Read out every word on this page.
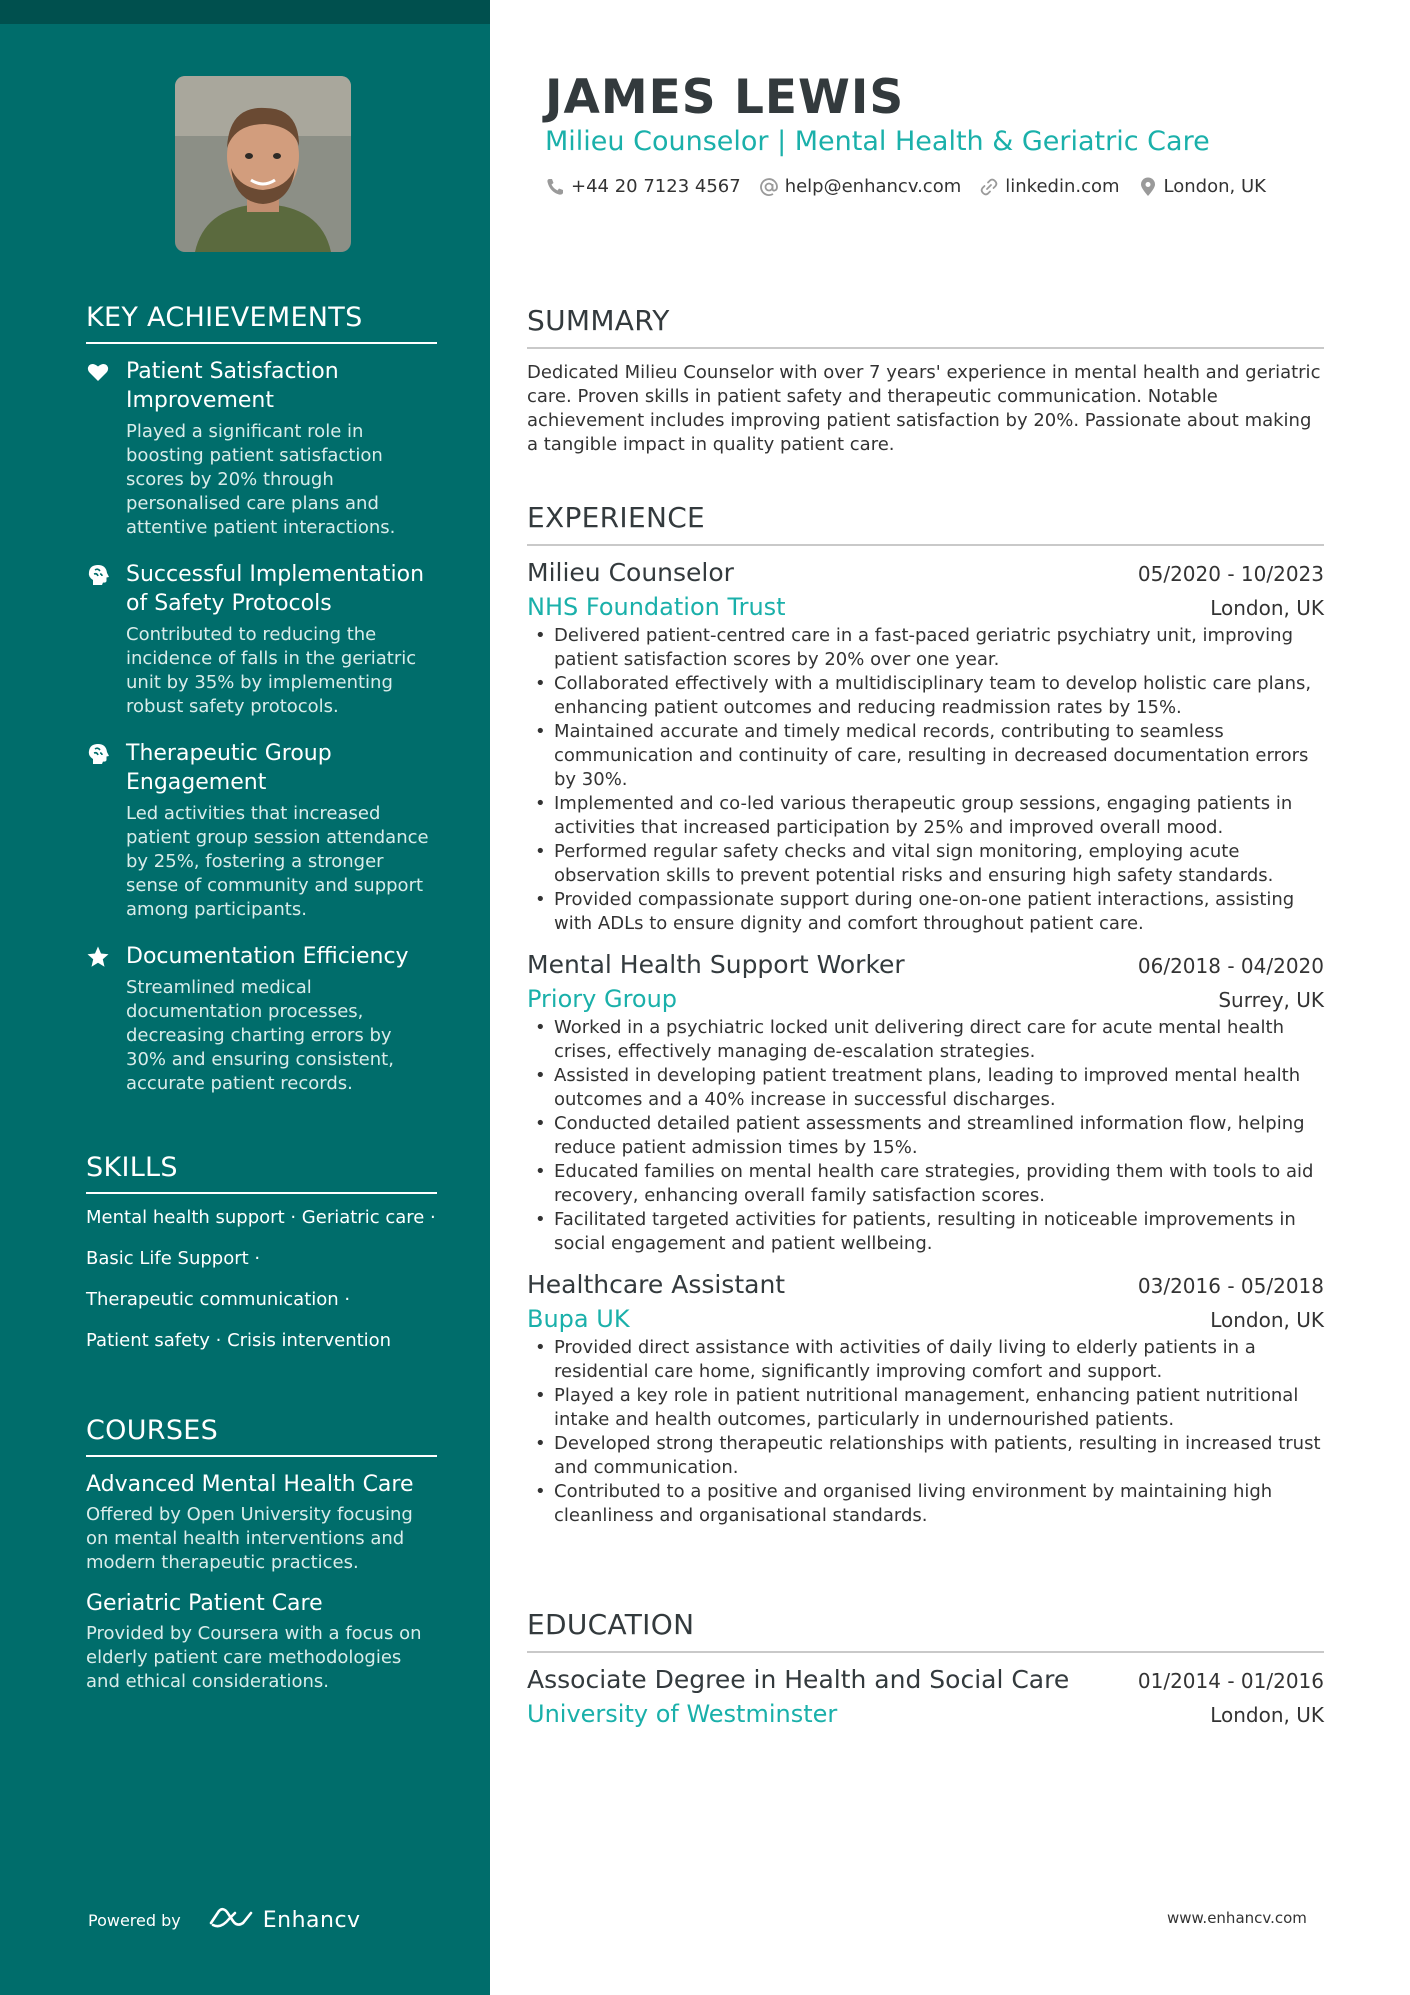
KEY ACHIEVEMENTS
Patient Satisfaction Improvement
Played a significant role in boosting patient satisfaction scores by 20% through personalised care plans and attentive patient interactions.
Successful Implementation of Safety Protocols
Contributed to reducing the incidence of falls in the geriatric unit by 35% by implementing robust safety protocols.
Therapeutic Group Engagement
Led activities that increased patient group session attendance by 25%, fostering a stronger sense of community and support among participants.
Documentation Efficiency
Streamlined medical documentation processes, decreasing charting errors by 30% and ensuring consistent, accurate patient records.
SKILLS
Mental health support · Geriatric care ·
Basic Life Support ·
Therapeutic communication ·
Patient safety · Crisis intervention
COURSES
Advanced Mental Health Care
Offered by Open University focusing on mental health interventions and modern therapeutic practices.
Geriatric Patient Care
Provided by Coursera with a focus on elderly patient care methodologies and ethical considerations.
Powered by	Enhancv
JAMES LEWIS
Milieu Counselor | Mental Health & Geriatric Care
+44 20 7123 4567 help@enhancv.com linkedin.com London, UK
SUMMARY
Dedicated Milieu Counselor with over 7 years' experience in mental health and geriatric care. Proven skills in patient safety and therapeutic communication. Notable achievement includes improving patient satisfaction by 20%. Passionate about making a tangible impact in quality patient care.
EXPERIENCE
Milieu Counselor	05/2020 - 10/2023
NHS Foundation Trust	London, UK
• Delivered patient-centred care in a fast-paced geriatric psychiatry unit, improving patient satisfaction scores by 20% over one year.
• Collaborated effectively with a multidisciplinary team to develop holistic care plans, enhancing patient outcomes and reducing readmission rates by 15%.
• Maintained accurate and timely medical records, contributing to seamless communication and continuity of care, resulting in decreased documentation errors by 30%.
• Implemented and co-led various therapeutic group sessions, engaging patients in activities that increased participation by 25% and improved overall mood.
• Performed regular safety checks and vital sign monitoring, employing acute observation skills to prevent potential risks and ensuring high safety standards.
• Provided compassionate support during one-on-one patient interactions, assisting with ADLs to ensure dignity and comfort throughout patient care.
Mental Health Support Worker	06/2018 - 04/2020
Priory Group	Surrey, UK
• Worked in a psychiatric locked unit delivering direct care for acute mental health crises, effectively managing de-escalation strategies.
• Assisted in developing patient treatment plans, leading to improved mental health outcomes and a 40% increase in successful discharges.
• Conducted detailed patient assessments and streamlined information flow, helping reduce patient admission times by 15%.
• Educated families on mental health care strategies, providing them with tools to aid recovery, enhancing overall family satisfaction scores.
• Facilitated targeted activities for patients, resulting in noticeable improvements in social engagement and patient wellbeing.
Healthcare Assistant	03/2016 - 05/2018
Bupa UK	London, UK
• Provided direct assistance with activities of daily living to elderly patients in a residential care home, significantly improving comfort and support.
• Played a key role in patient nutritional management, enhancing patient nutritional intake and health outcomes, particularly in undernourished patients.
• Developed strong therapeutic relationships with patients, resulting in increased trust and communication.
• Contributed to a positive and organised living environment by maintaining high cleanliness and organisational standards.
EDUCATION
Associate Degree in Health and Social Care	01/2014 - 01/2016
University of Westminster	London, UK
www.enhancv.com
